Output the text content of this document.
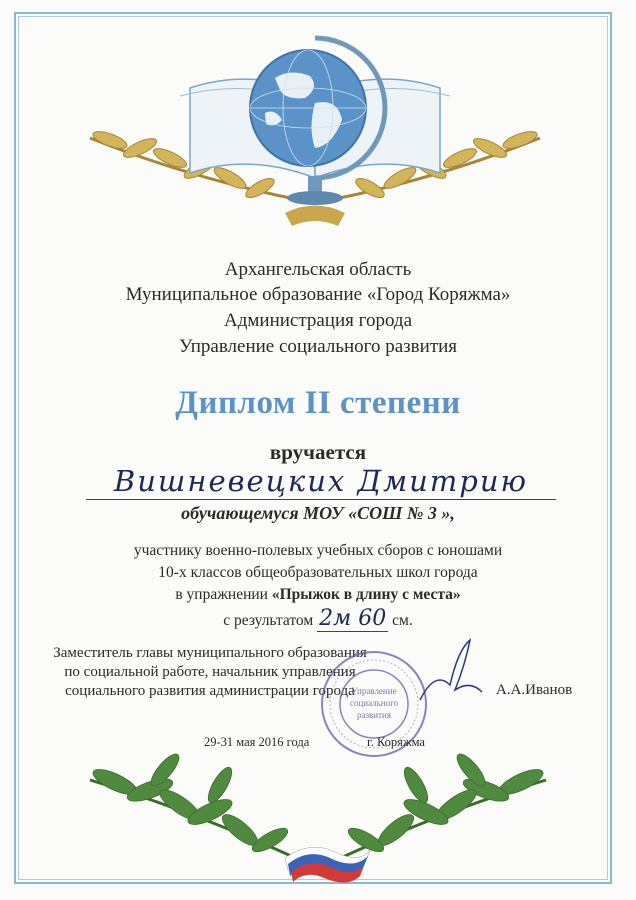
Архангельская область
Муниципальное образование «Город Коряжма»
Администрация города
Управление социального развития
Диплом II степени
вручается
Вишневецких Дмитрию
обучающемуся МОУ «СОШ № 3 »,
участнику военно-полевых учебных сборов с юношами
10-х классов общеобразовательных школ города
в упражнении «Прыжок в длину с места»
с результатом 2м 60 см.
Заместитель главы муниципального образования
по социальной работе, начальник управления
социального развития администрации города
Управление
социального
развития
А.А.Иванов
29-31 мая 2016 года	г. Коряжма
